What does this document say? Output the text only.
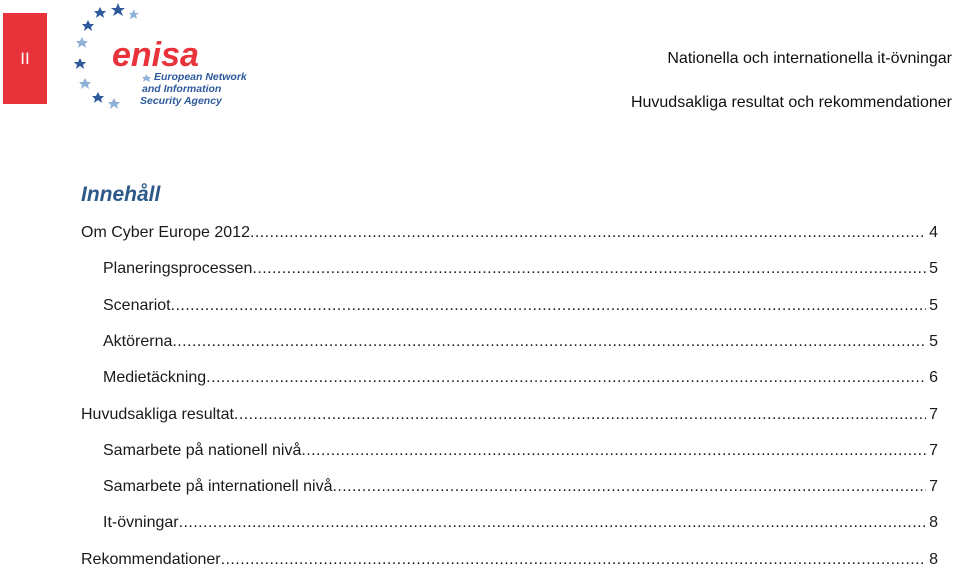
II	enisa
European Network
and Information
Security Agency
Nationella och internationella it-övningar
Huvudsakliga resultat och rekommendationer
Innehåll
Om Cyber Europe 2012 . . .	4
Planeringsprocessen . . .	5
Scenariot . . .	5
Aktörerna . . .	5
Medietäckning . . .	6
Huvudsakliga resultat . . .	7
Samarbete på nationell nivå . . .	7
Samarbete på internationell nivå . . .	7
It-övningar . . .	8
Rekommendationer . . .	8
